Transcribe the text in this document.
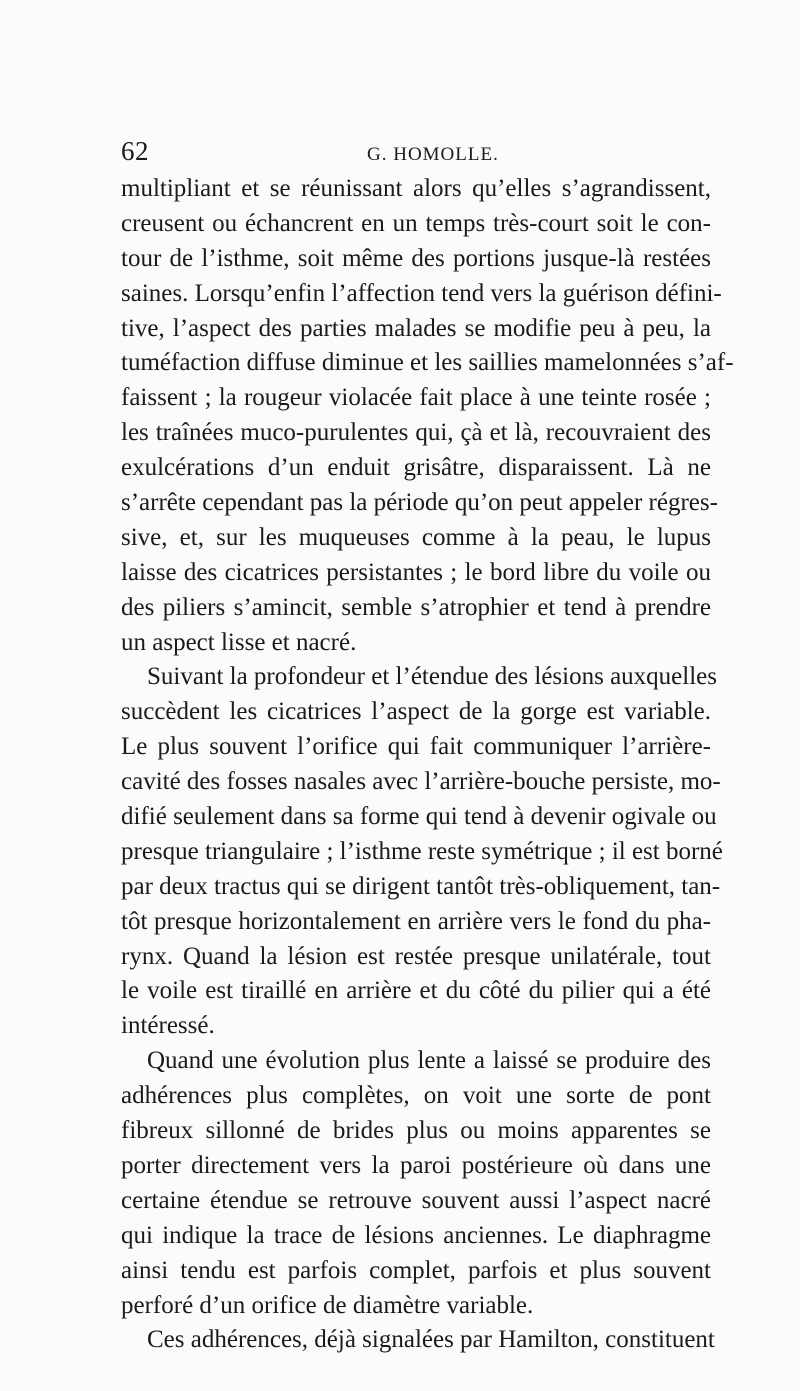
62	G. HOMOLLE.
multipliant et se réunissant alors qu’elles s’agrandissent,
creusent ou échancrent en un temps très-court soit le con-
tour de l’isthme, soit même des portions jusque-là restées
saines. Lorsqu’enfin l’affection tend vers la guérison défini-
tive, l’aspect des parties malades se modifie peu à peu, la
tuméfaction diffuse diminue et les saillies mamelonnées s’af-
faissent ; la rougeur violacée fait place à une teinte rosée ;
les traînées muco-purulentes qui, çà et là, recouvraient des
exulcérations d’un enduit grisâtre, disparaissent. Là ne
s’arrête cependant pas la période qu’on peut appeler régres-
sive, et, sur les muqueuses comme à la peau, le lupus
laisse des cicatrices persistantes ; le bord libre du voile ou
des piliers s’amincit, semble s’atrophier et tend à prendre
un aspect lisse et nacré.
Suivant la profondeur et l’étendue des lésions auxquelles
succèdent les cicatrices l’aspect de la gorge est variable.
Le plus souvent l’orifice qui fait communiquer l’arrière-
cavité des fosses nasales avec l’arrière-bouche persiste, mo-
difié seulement dans sa forme qui tend à devenir ogivale ou
presque triangulaire ; l’isthme reste symétrique ; il est borné
par deux tractus qui se dirigent tantôt très-obliquement, tan-
tôt presque horizontalement en arrière vers le fond du pha-
rynx. Quand la lésion est restée presque unilatérale, tout
le voile est tiraillé en arrière et du côté du pilier qui a été
intéressé.
Quand une évolution plus lente a laissé se produire des
adhérences plus complètes, on voit une sorte de pont
fibreux sillonné de brides plus ou moins apparentes se
porter directement vers la paroi postérieure où dans une
certaine étendue se retrouve souvent aussi l’aspect nacré
qui indique la trace de lésions anciennes. Le diaphragme
ainsi tendu est parfois complet, parfois et plus souvent
perforé d’un orifice de diamètre variable.
Ces adhérences, déjà signalées par Hamilton, constituent
